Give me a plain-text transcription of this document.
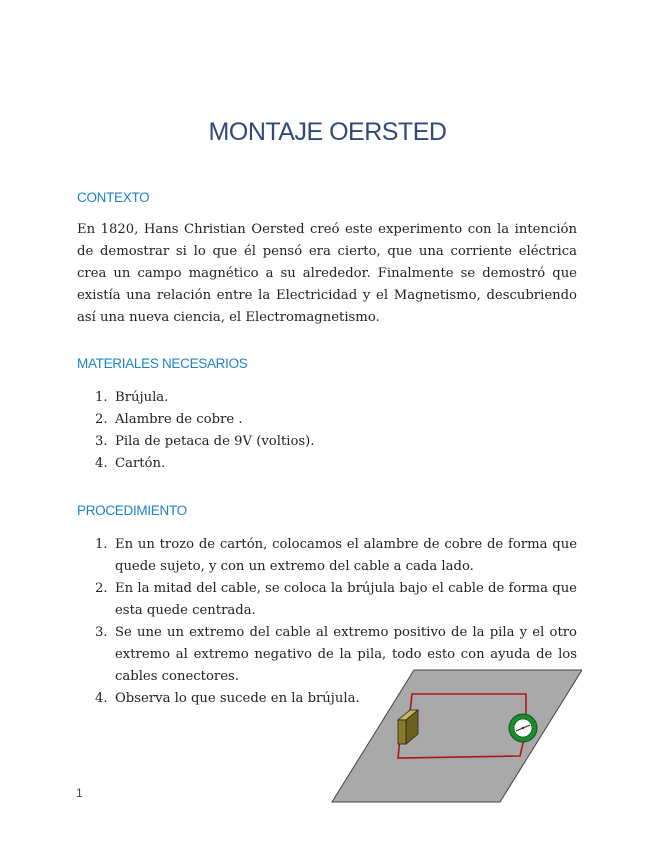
MONTAJE OERSTED
CONTEXTO

En 1820, Hans Christian Oersted creó este experimento con la intención de demostrar si lo que él pensó era cierto, que una corriente eléctrica crea un campo magnético a su alrededor. Finalmente se demostró que existía una relación entre la Electricidad y el Magnetismo, descubriendo así una nueva ciencia, el Electromagnetismo.

MATERIALES NECESARIOS
1. Brújula.
2. Alambre de cobre .
3. Pila de petaca de 9V (voltios).
4. Cartón.
PROCEDIMIENTO
1. En un trozo de cartón, colocamos el alambre de cobre de forma que quede sujeto, y con un extremo del cable a cada lado.
2. En la mitad del cable, se coloca la brújula bajo el cable de forma que esta quede centrada.
3. Se une un extremo del cable al extremo positivo de la pila y el otro extremo al extremo negativo de la pila, todo esto con ayuda de los cables conectores.
4. Observa lo que sucede en la brújula.
1
